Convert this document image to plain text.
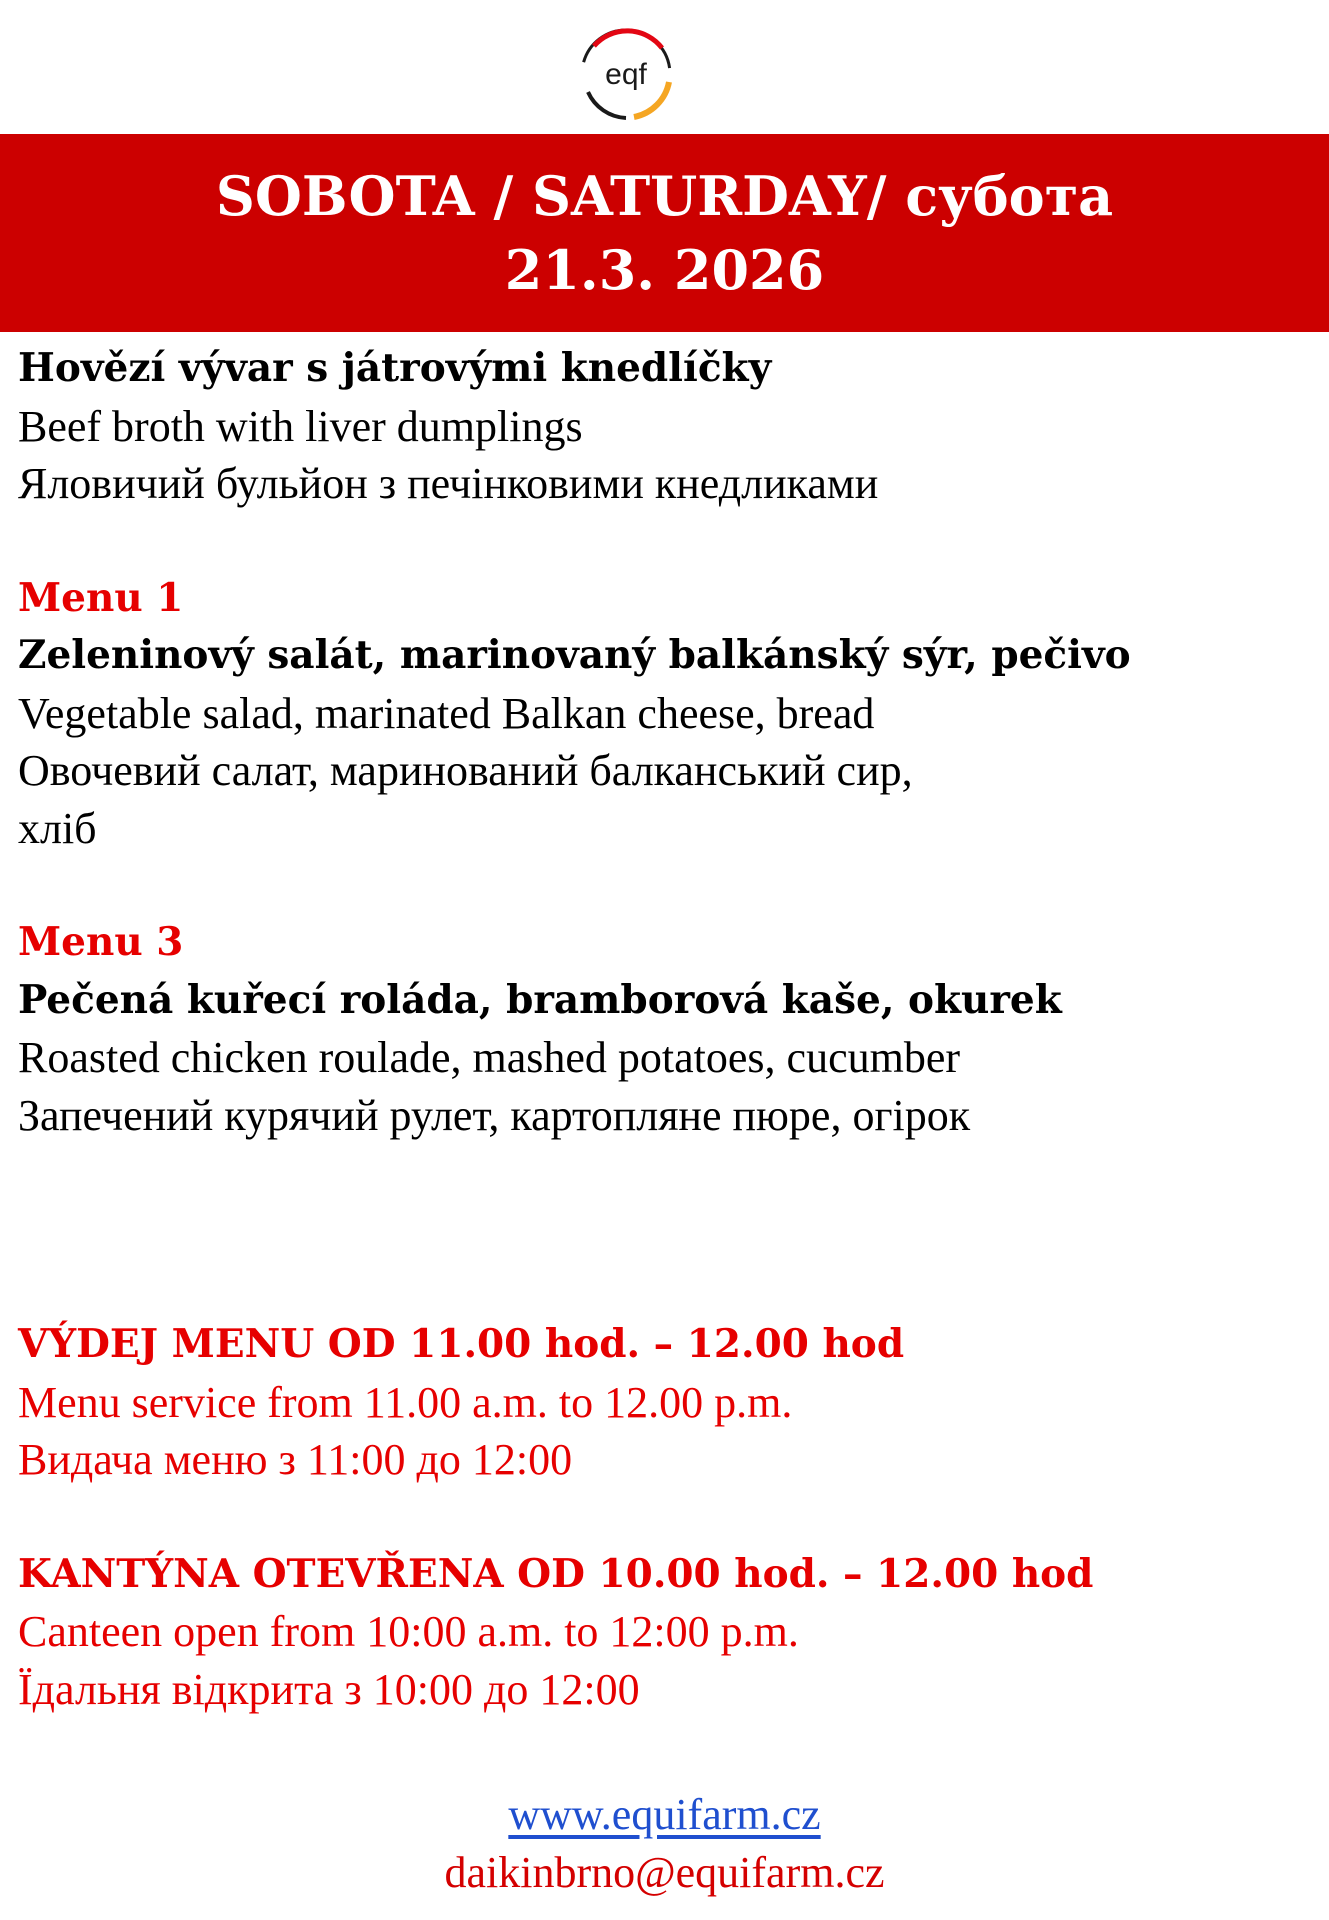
eqf
SOBOTA / SATURDAY/ субота
21.3. 2026
Hovězí vývar s játrovými knedlíčky
Beef broth with liver dumplings
Яловичий бульйон з печінковими кнедликами
Menu 1
Zeleninový salát, marinovaný balkánský sýr, pečivo
Vegetable salad, marinated Balkan cheese, bread
Овочевий салат, маринований балканський сир,
хліб
Menu 3
Pečená kuřecí roláda, bramborová kaše, okurek
Roasted chicken roulade, mashed potatoes, cucumber
Запечений курячий рулет, картопляне пюре, огірок
VÝDEJ MENU OD 11.00 hod. – 12.00 hod
Menu service from 11.00 a.m. to 12.00 p.m.
Видача меню з 11:00 до 12:00
KANTÝNA OTEVŘENA OD 10.00 hod. – 12.00 hod
Canteen open from 10:00 a.m. to 12:00 p.m.
Їдальня відкрита з 10:00 до 12:00
www.equifarm.cz
daikinbrno@equifarm.cz
